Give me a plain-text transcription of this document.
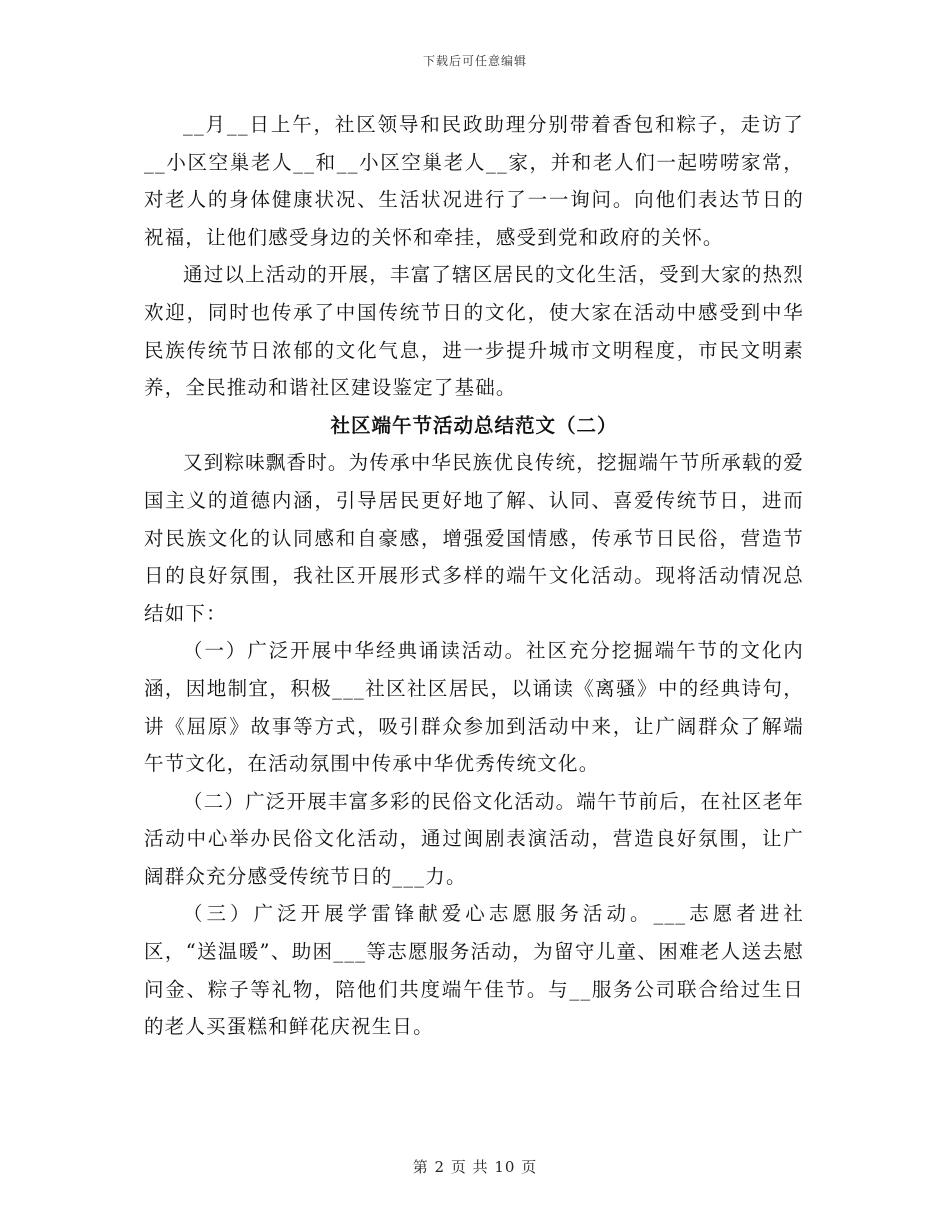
下载后可任意编辑

__月__日上午，社区领导和民政助理分别带着香包和粽子，走访了__小区空巢老人__和__小区空巢老人__家，并和老人们一起唠唠家常，对老人的身体健康状况、生活状况进行了一一询问。向他们表达节日的祝福，让他们感受身边的关怀和牵挂，感受到党和政府的关怀。

通过以上活动的开展，丰富了辖区居民的文化生活，受到大家的热烈欢迎，同时也传承了中国传统节日的文化，使大家在活动中感受到中华民族传统节日浓郁的文化气息，进一步提升城市文明程度，市民文明素养，全民推动和谐社区建设鉴定了基础。

社区端午节活动总结范文（二）

又到粽味飘香时。为传承中华民族优良传统，挖掘端午节所承载的爱国主义的道德内涵，引导居民更好地了解、认同、喜爱传统节日，进而对民族文化的认同感和自豪感，增强爱国情感，传承节日民俗，营造节日的良好氛围，我社区开展形式多样的端午文化活动。现将活动情况总结如下：

（一）广泛开展中华经典诵读活动。社区充分挖掘端午节的文化内涵，因地制宜，积极___社区社区居民，以诵读《离骚》中的经典诗句，讲《屈原》故事等方式，吸引群众参加到活动中来，让广阔群众了解端午节文化，在活动氛围中传承中华优秀传统文化。

（二）广泛开展丰富多彩的民俗文化活动。端午节前后，在社区老年活动中心举办民俗文化活动，通过闽剧表演活动，营造良好氛围，让广阔群众充分感受传统节日的___力。

（三）广泛开展学雷锋献爱心志愿服务活动。___志愿者进社区，“送温暖”、助困___等志愿服务活动，为留守儿童、困难老人送去慰问金、粽子等礼物，陪他们共度端午佳节。与__服务公司联合给过生日的老人买蛋糕和鲜花庆祝生日。

第 2 页 共 10 页
